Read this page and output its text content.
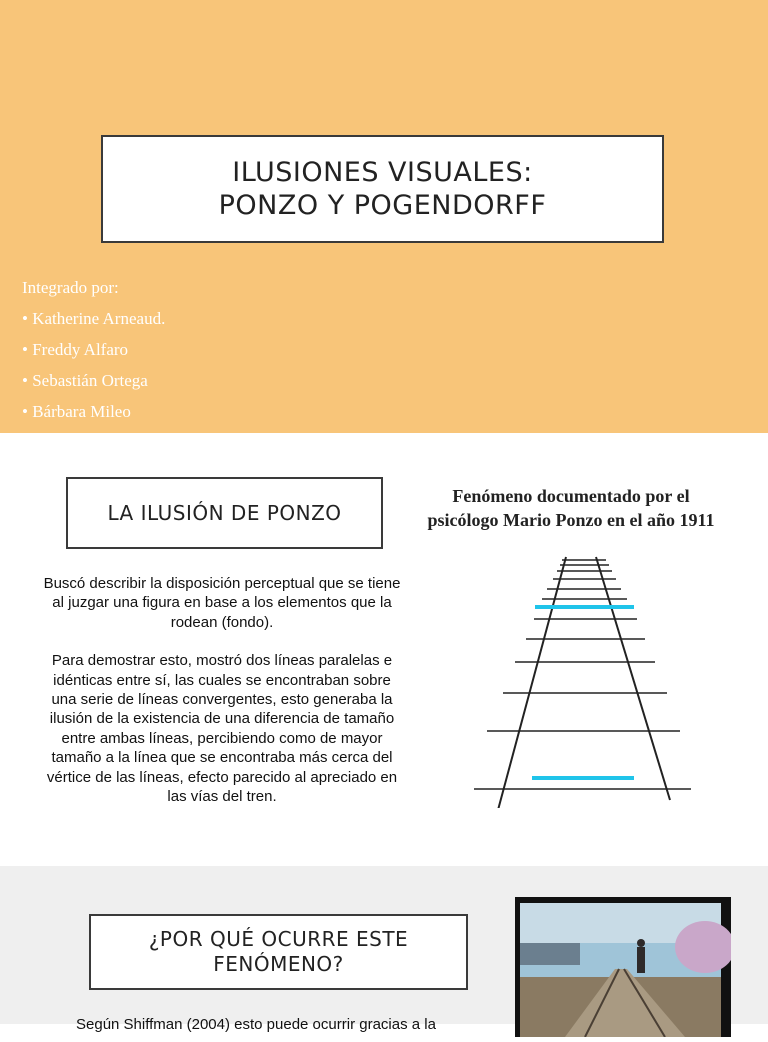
ILUSIONES VISUALES:
PONZO Y POGENDORFF
Integrado por:
• Katherine Arneaud.
• Freddy Alfaro
• Sebastián Ortega
• Bárbara Mileo
LA ILUSIÓN DE PONZO
Fenómeno documentado por el
psicólogo Mario Ponzo en el año 1911

Buscó describir la disposición perceptual que se tiene al juzgar una figura en base a los elementos que la rodean (fondo).

Para demostrar esto, mostró dos líneas paralelas e idénticas entre sí, las cuales se encontraban sobre una serie de líneas convergentes, esto generaba la ilusión de la existencia de una diferencia de tamaño entre ambas líneas, percibiendo como de mayor tamaño a la línea que se encontraba más cerca del vértice de las líneas, efecto parecido al apreciado en las vías del tren.

¿POR QUÉ OCURRE ESTE
FENÓMENO?
Según Shiffman (2004) esto puede ocurrir gracias a la
